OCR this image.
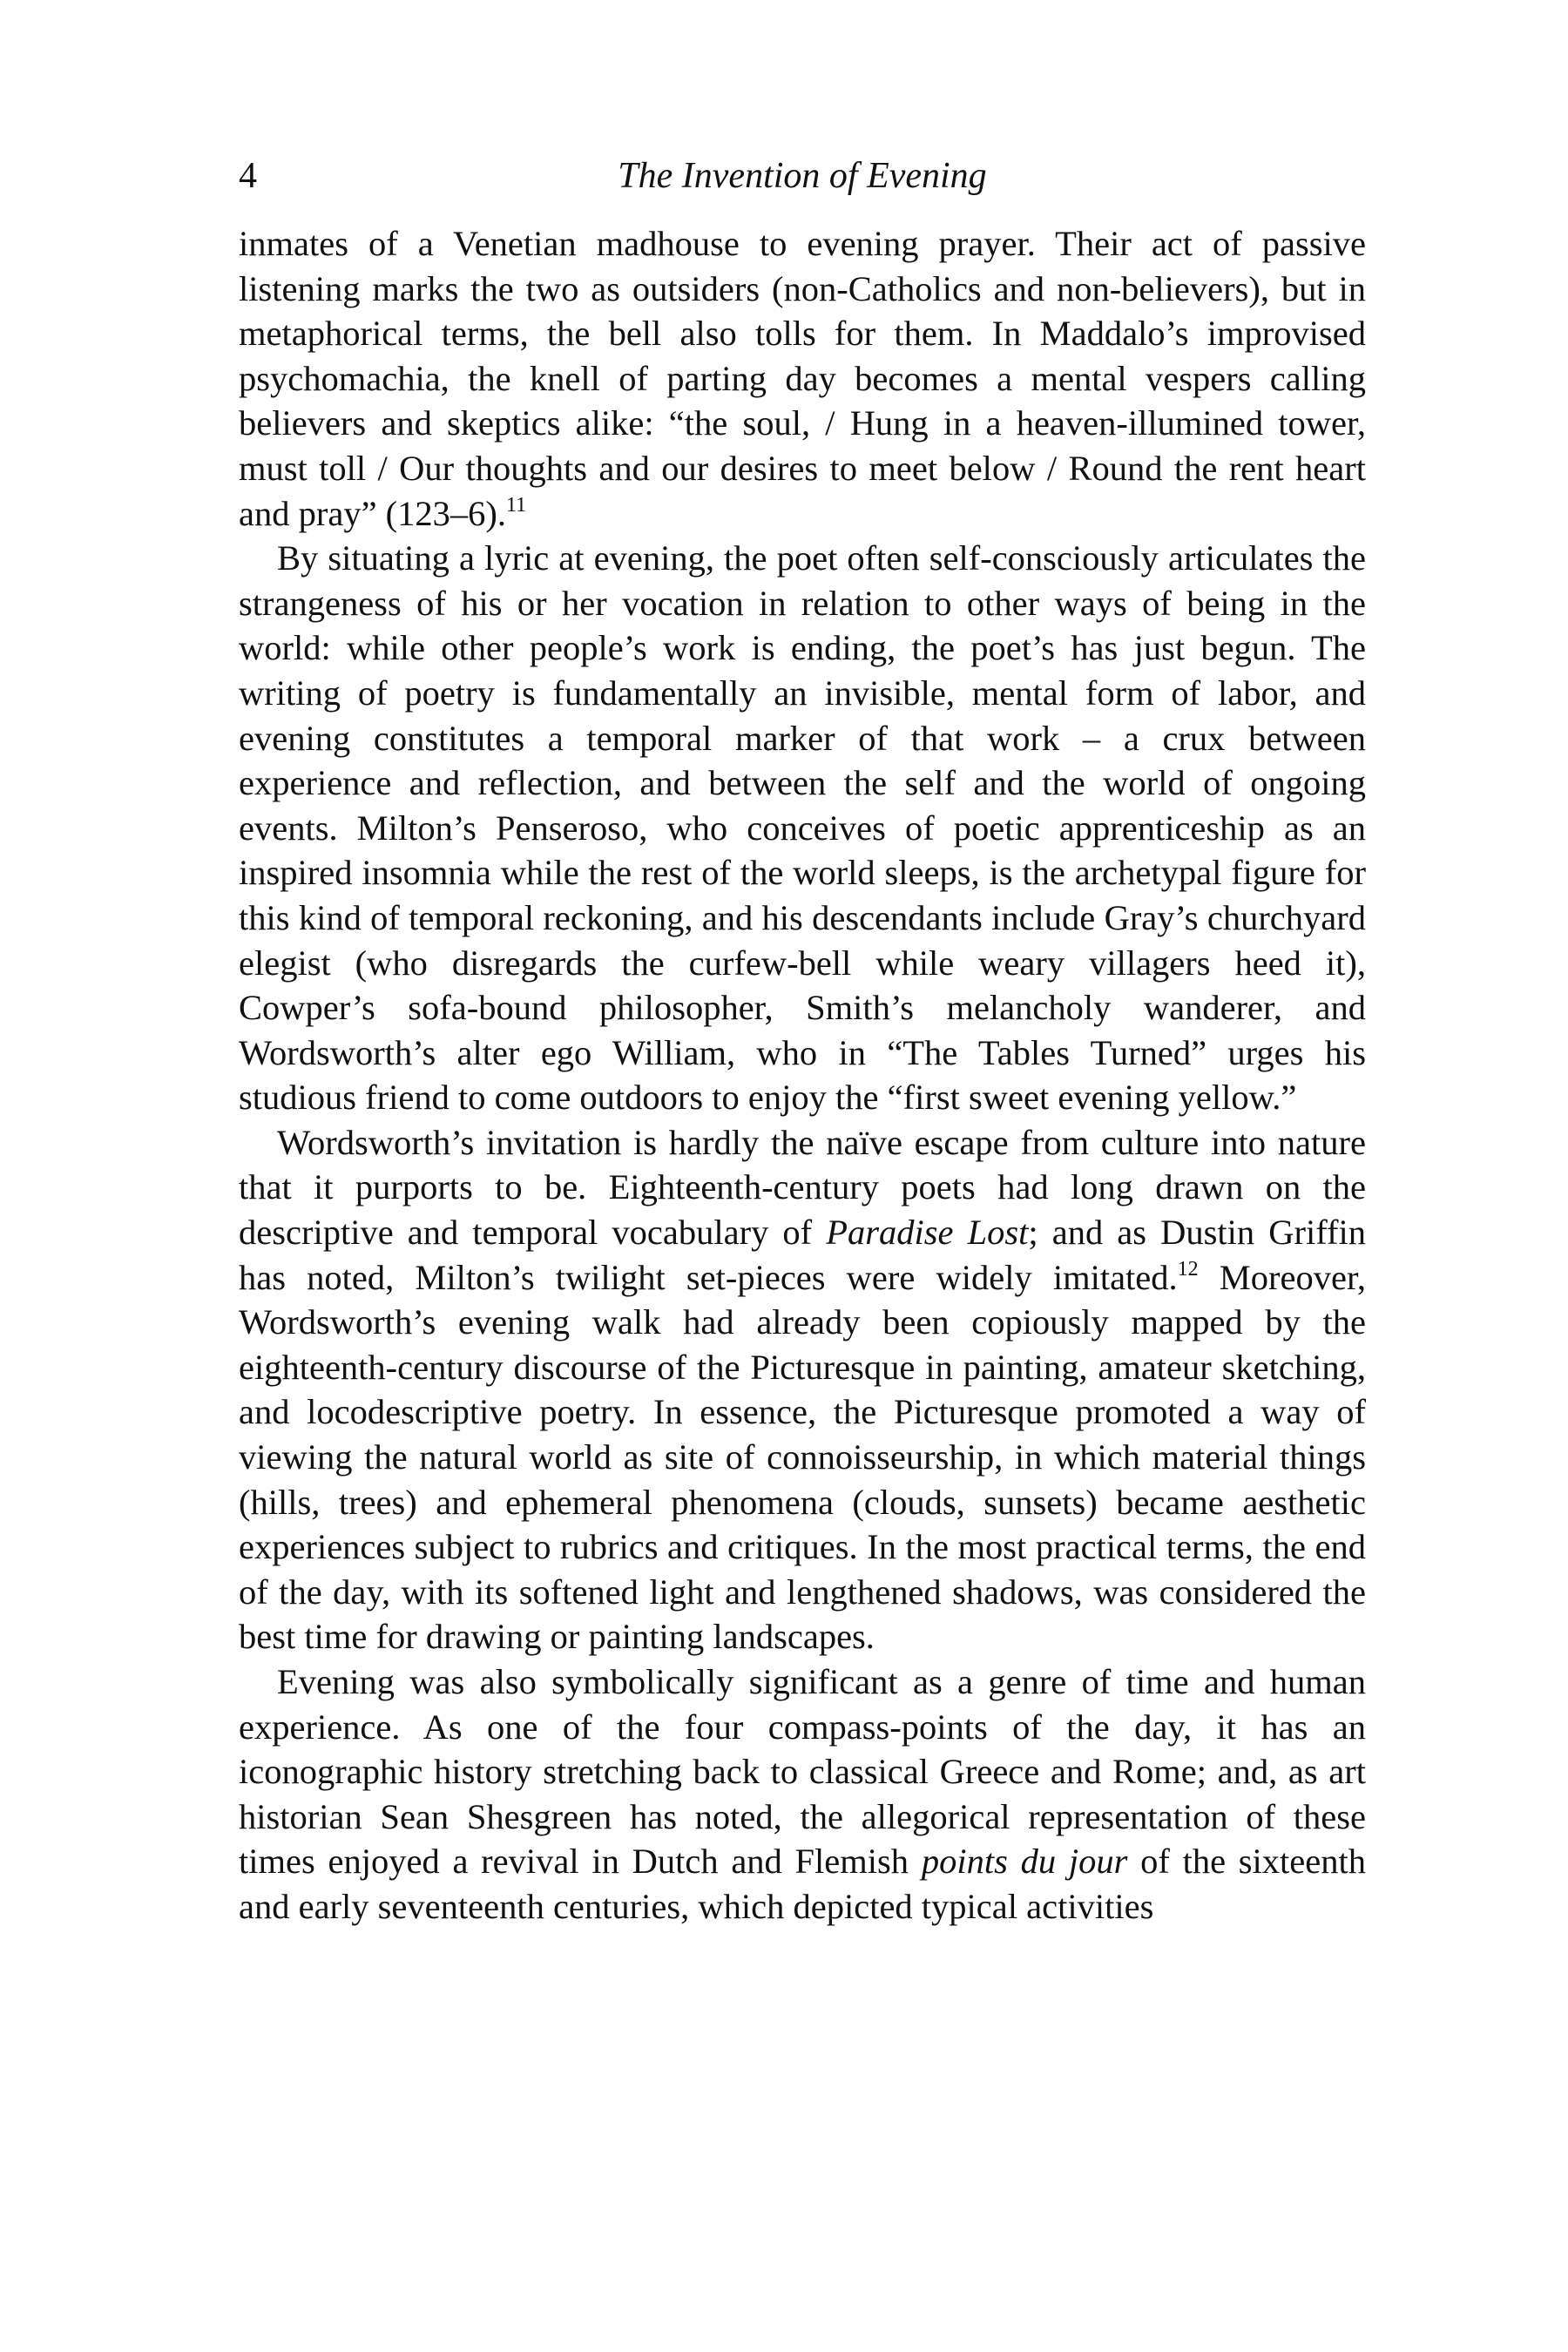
4	The Invention of Evening

inmates of a Venetian madhouse to evening prayer. Their act of passive listening marks the two as outsiders (non-Catholics and non-believers), but in metaphorical terms, the bell also tolls for them. In Maddalo’s improvised psychomachia, the knell of parting day becomes a mental vespers calling believers and skeptics alike: “the soul, / Hung in a heaven-illumined tower, must toll / Our thoughts and our desires to meet below / Round the rent heart and pray” (123–6).$^{11}$

By situating a lyric at evening, the poet often self-consciously articulates the strangeness of his or her vocation in relation to other ways of being in the world: while other people’s work is ending, the poet’s has just begun. The writing of poetry is fundamentally an invisible, mental form of labor, and evening constitutes a temporal marker of that work – a crux between experience and reflection, and between the self and the world of ongoing events. Milton’s Penseroso, who conceives of poetic apprenticeship as an inspired insomnia while the rest of the world sleeps, is the archetypal figure for this kind of temporal reckoning, and his descendants include Gray’s churchyard elegist (who disregards the curfew-bell while weary villagers heed it), Cowper’s sofa-bound philosopher, Smith’s melancholy wanderer, and Wordsworth’s alter ego William, who in “The Tables Turned” urges his studious friend to come outdoors to enjoy the “first sweet evening yellow.”

Wordsworth’s invitation is hardly the naïve escape from culture into nature that it purports to be. Eighteenth-century poets had long drawn on the descriptive and temporal vocabulary of Paradise Lost; and as Dustin Griffin has noted, Milton’s twilight set-pieces were widely imitated.$^{12}$ Moreover, Wordsworth’s evening walk had already been copiously mapped by the eighteenth-century discourse of the Picturesque in painting, amateur sketching, and locodescriptive poetry. In essence, the Picturesque promoted a way of viewing the natural world as site of connoisseurship, in which material things (hills, trees) and ephemeral phenomena (clouds, sunsets) became aesthetic experiences subject to rubrics and critiques. In the most practical terms, the end of the day, with its softened light and lengthened shadows, was considered the best time for drawing or painting landscapes.

Evening was also symbolically significant as a genre of time and human experience. As one of the four compass-points of the day, it has an iconographic history stretching back to classical Greece and Rome; and, as art historian Sean Shesgreen has noted, the allegorical representation of these times enjoyed a revival in Dutch and Flemish points du jour of the sixteenth and early seventeenth centuries, which depicted typical activities
